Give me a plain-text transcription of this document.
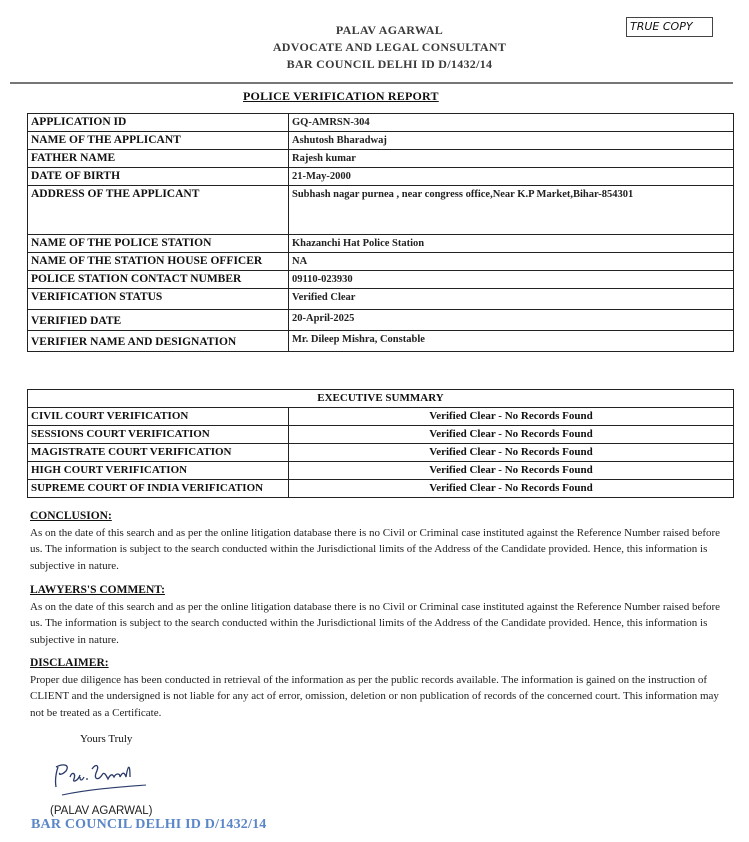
PALAV AGARWAL
ADVOCATE AND LEGAL CONSULTANT
BAR COUNCIL DELHI ID D/1432/14
TRUE COPY
POLICE VERIFICATION REPORT
APPLICATION ID	GQ-AMRSN-304
NAME OF THE APPLICANT	Ashutosh Bharadwaj
FATHER NAME	Rajesh kumar
DATE OF BIRTH	21-May-2000
ADDRESS OF THE APPLICANT	Subhash nagar purnea , near congress office,Near K.P Market,Bihar-854301
NAME OF THE POLICE STATION	Khazanchi Hat Police Station
NAME OF THE STATION HOUSE OFFICER	NA
POLICE STATION CONTACT NUMBER	09110-023930
VERIFICATION STATUS	Verified Clear
VERIFIED DATE	20-April-2025
VERIFIER NAME AND DESIGNATION	Mr. Dileep Mishra, Constable
EXECUTIVE SUMMARY	
CIVIL COURT VERIFICATION	Verified Clear - No Records Found
SESSIONS COURT VERIFICATION	Verified Clear - No Records Found
MAGISTRATE COURT VERIFICATION	Verified Clear - No Records Found
HIGH COURT VERIFICATION	Verified Clear - No Records Found
SUPREME COURT OF INDIA VERIFICATION	Verified Clear - No Records Found
CONCLUSION:
As on the date of this search and as per the online litigation database there is no Civil or Criminal case instituted against the Reference Number raised before us. The information is subject to the search conducted within the Jurisdictional limits of the Address of the Candidate provided. Hence, this information is subjective in nature.
LAWYERS'S COMMENT:
As on the date of this search and as per the online litigation database there is no Civil or Criminal case instituted against the Reference Number raised before us. The information is subject to the search conducted within the Jurisdictional limits of the Address of the Candidate provided. Hence, this information is subjective in nature.
DISCLAIMER:
Proper due diligence has been conducted in retrieval of the information as per the public records available. The information is gained on the instruction of CLIENT and the undersigned is not liable for any act of error, omission, deletion or non publication of records of the concerned court. This information may not be treated as a Certificate.
Yours Truly
(PALAV AGARWAL)
BAR COUNCIL DELHI ID D/1432/14
